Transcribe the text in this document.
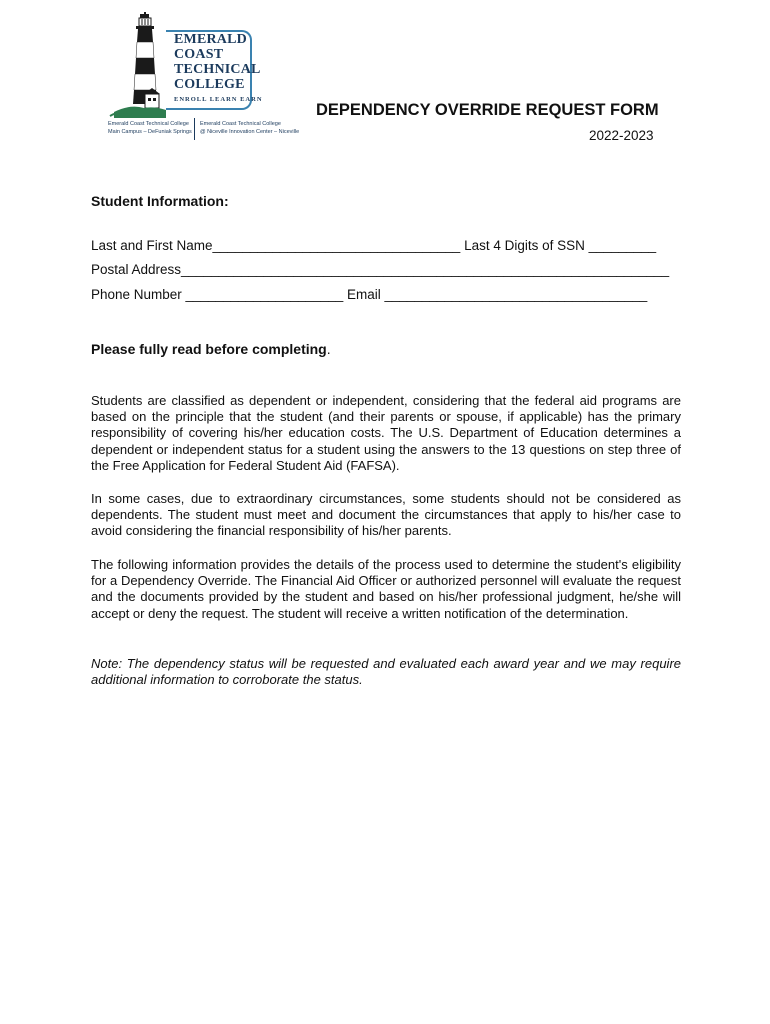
EMERALD
COAST
TECHNICAL
COLLEGE
ENROLL LEARN EARN
Emerald Coast Technical College
Main Campus – DeFuniak Springs
Emerald Coast Technical College
@ Niceville Innovation Center – Niceville
DEPENDENCY OVERRIDE REQUEST FORM
2022-2023
Student Information:
Last and First Name_________________________________ Last 4 Digits of SSN _________
Postal Address_________________________________________________________________
Phone Number _____________________ Email ___________________________________
Please fully read before completing.
Students are classified as dependent or independent, considering that the federal aid programs are based on the principle that the student (and their parents or spouse, if applicable) has the primary responsibility of covering his/her education costs. The U.S. Department of Education determines a dependent or independent status for a student using the answers to the 13 questions on step three of the Free Application for Federal Student Aid (FAFSA).
In some cases, due to extraordinary circumstances, some students should not be considered as dependents. The student must meet and document the circumstances that apply to his/her case to avoid considering the financial responsibility of his/her parents.
The following information provides the details of the process used to determine the student's eligibility for a Dependency Override. The Financial Aid Officer or authorized personnel will evaluate the request and the documents provided by the student and based on his/her professional judgment, he/she will accept or deny the request. The student will receive a written notification of the determination.
Note: The dependency status will be requested and evaluated each award year and we may require additional information to corroborate the status.
